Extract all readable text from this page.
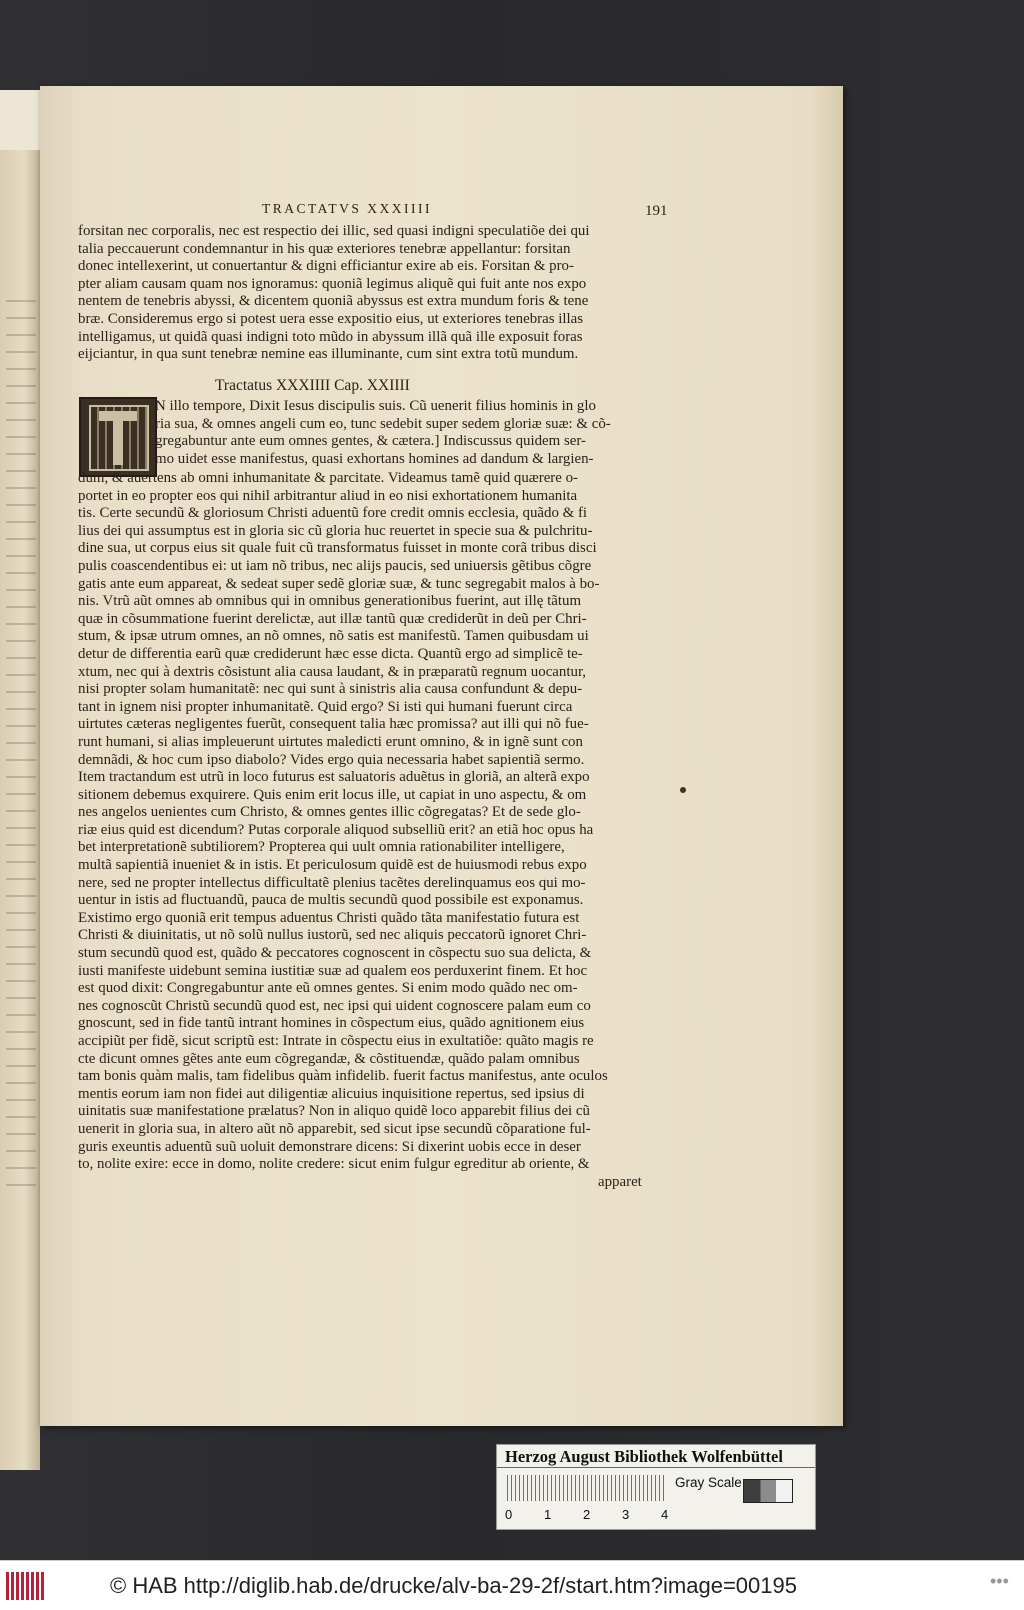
TRACTATVS XXXIIII	191
forsitan nec corporalis, nec est respectio dei illic, sed quasi indigni speculatiõe dei qui
talia peccauerunt condemnantur in his quæ exteriores tenebræ appellantur: forsitan
donec intellexerint, ut conuertantur & digni efficiantur exire ab eis. Forsitan & pro-
pter aliam causam quam nos ignoramus: quoniã legimus aliquẽ qui fuit ante nos expo
nentem de tenebris abyssi, & dicentem quoniã abyssus est extra mundum foris & tene
bræ. Consideremus ergo si potest uera esse expositio eius, ut exteriores tenebras illas
intelligamus, ut quidã quasi indigni toto mũdo in abyssum illã quã ille exposuit foras
eijciantur, in qua sunt tenebræ nemine eas illuminante, cum sint extra totũ mundum.
Tractatus XXXIIII Cap. XXIIII
N illo tempore, Dixit Iesus discipulis suis. Cũ uenerit filius hominis in glo
ria sua, & omnes angeli cum eo, tunc sedebit super sedem gloriæ suæ: & cõ-
gregabuntur ante eum omnes gentes, & cætera.] Indiscussus quidem ser-
mo uidet esse manifestus, quasi exhortans homines ad dandum & largien-
dum, & auertens ab omni inhumanitate & parcitate. Videamus tamẽ quid quærere o-
portet in eo propter eos qui nihil arbitrantur aliud in eo nisi exhortationem humanita
tis. Certe secundũ & gloriosum Christi aduentũ fore credit omnis ecclesia, quãdo & fi
lius dei qui assumptus est in gloria sic cũ gloria huc reuertet in specie sua & pulchritu-
dine sua, ut corpus eius sit quale fuit cũ transformatus fuisset in monte corã tribus disci
pulis coascendentibus ei: ut iam nõ tribus, nec alijs paucis, sed uniuersis gẽtibus cõgre
gatis ante eum appareat, & sedeat super sedẽ gloriæ suæ, & tunc segregabit malos à bo-
nis. Vtrũ aũt omnes ab omnibus qui in omnibus generationibus fuerint, aut illę tãtum
quæ in cõsummatione fuerint derelictæ, aut illæ tantũ quæ crediderũt in deũ per Chri-
stum, & ipsæ utrum omnes, an nõ omnes, nõ satis est manifestũ. Tamen quibusdam ui
detur de differentia earũ quæ crediderunt hæc esse dicta. Quantũ ergo ad simplicẽ te-
xtum, nec qui à dextris cõsistunt alia causa laudant, & in præparatũ regnum uocantur,
nisi propter solam humanitatẽ: nec qui sunt à sinistris alia causa confundunt & depu-
tant in ignem nisi propter inhumanitatẽ. Quid ergo? Si isti qui humani fuerunt circa
uirtutes cæteras negligentes fuerũt, consequent talia hæc promissa? aut illi qui nõ fue-
runt humani, si alias impleuerunt uirtutes maledicti erunt omnino, & in ignẽ sunt con
demnãdi, & hoc cum ipso diabolo? Vides ergo quia necessaria habet sapientiã sermo.
Item tractandum est utrũ in loco futurus est saluatoris aduẽtus in gloriã, an alterã expo
sitionem debemus exquirere. Quis enim erit locus ille, ut capiat in uno aspectu, & om
nes angelos uenientes cum Christo, & omnes gentes illic cõgregatas? Et de sede glo-
riæ eius quid est dicendum? Putas corporale aliquod subselliũ erit? an etiã hoc opus ha
bet interpretationẽ subtiliorem? Propterea qui uult omnia rationabiliter intelligere,
multã sapientiã inueniet & in istis. Et periculosum quidẽ est de huiusmodi rebus expo
nere, sed ne propter intellectus difficultatẽ plenius tacẽtes derelinquamus eos qui mo-
uentur in istis ad fluctuandũ, pauca de multis secundũ quod possibile est exponamus.
Existimo ergo quoniã erit tempus aduentus Christi quãdo tãta manifestatio futura est
Christi & diuinitatis, ut nõ solũ nullus iustorũ, sed nec aliquis peccatorũ ignoret Chri-
stum secundũ quod est, quãdo & peccatores cognoscent in cõspectu suo sua delicta, &
iusti manifeste uidebunt semina iustitiæ suæ ad qualem eos perduxerint finem. Et hoc
est quod dixit: Congregabuntur ante eũ omnes gentes. Si enim modo quãdo nec om-
nes cognoscũt Christũ secundũ quod est, nec ipsi qui uident cognoscere palam eum co
gnoscunt, sed in fide tantũ intrant homines in cõspectum eius, quãdo agnitionem eius
accipiũt per fidẽ, sicut scriptũ est: Intrate in cõspectu eius in exultatiõe: quãto magis re
cte dicunt omnes gẽtes ante eum cõgregandæ, & cõstituendæ, quãdo palam omnibus
tam bonis quàm malis, tam fidelibus quàm infidelib. fuerit factus manifestus, ante oculos
mentis eorum iam non fidei aut diligentiæ alicuius inquisitione repertus, sed ipsius di
uinitatis suæ manifestatione prælatus? Non in aliquo quidẽ loco apparebit filius dei cũ
uenerit in gloria sua, in altero aũt nõ apparebit, sed sicut ipse secundũ cõparatione ful-
guris exeuntis aduentũ suũ uoluit demonstrare dicens: Si dixerint uobis ecce in deser
to, nolite exire: ecce in domo, nolite credere: sicut enim fulgur egreditur ab oriente, &
apparet
Herzog August Bibliothek Wolfenbüttel
0 1 2 3 4
Gray Scale
© HAB http://diglib.hab.de/drucke/alv-ba-29-2f/start.htm?image=00195	•••
